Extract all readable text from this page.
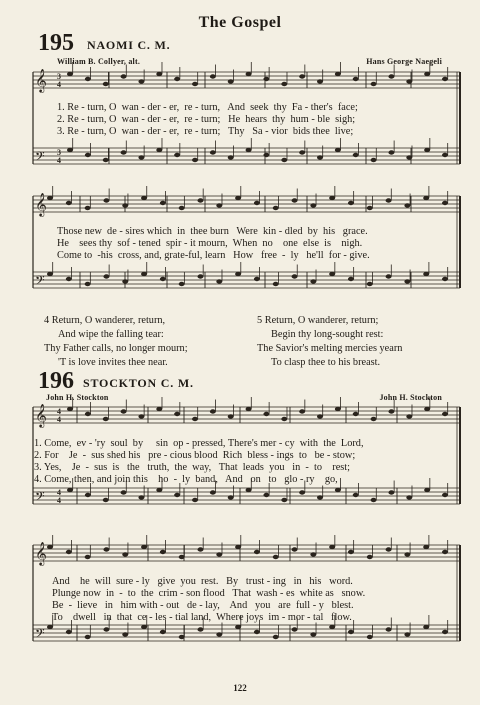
The Gospel
195 NAOMI C. M.
William B. Collyer, alt.	Hans George Naegeli
1. Re - turn, O  wan - der - er,  re - turn,   And  seek  thy  Fa - ther's  face;
2. Re - turn, O  wan - der - er,  re - turn;   He  hears  thy  hum - ble  sigh;
3. Re - turn, O  wan - der - er,  re - turn;   Thy   Sa - vior  bids thee  live;
Those new  de - sires which  in  thee burn   Were  kin - dled  by  his   grace.
He    sees thy  sof - tened  spir - it mourn,  When  no    one  else  is    nigh.
Come to  -his  cross, and, grate-ful, learn   How   free  -  ly   he'll  for - give.
4 Return, O wanderer, return,

And wipe the falling tear:
Thy Father calls, no longer mourn;

'T is love invites thee near.
5 Return, O wanderer, return;

Begin thy long-sought rest:
The Savior's melting mercies yearn

To clasp thee to his breast.
196 STOCKTON C. M.
John H. Stockton	John H. Stockton
1. Come,  ev - 'ry  soul  by     sin  op - pressed, There's mer - cy  with  the  Lord,
2. For    Je  -  sus shed his   pre - cious blood  Rich  bless - ings  to   be - stow;
3. Yes,    Je  -  sus  is   the   truth,  the  way,   That  leads  you   in  -  to    rest;
4. Come, then, and join this    ho  -  ly  band,   And   on   to   glo - ry    go,
And    he  will  sure - ly   give  you  rest.   By   trust - ing   in   his   word.
Plunge now  in  -  to  the  crim - son flood   That  wash - es  white as   snow.
Be  -  lieve   in   him with - out   de - lay,    And   you   are  full - y   blest.
To    dwell   in  that  ce - les - tial land,  Where joys  im - mor - tal   flow.
122
𝄞 3
4
𝄢 3
4
𝄞
𝄢
𝄞 4
4
𝄢 4
4
𝄞
𝄢
